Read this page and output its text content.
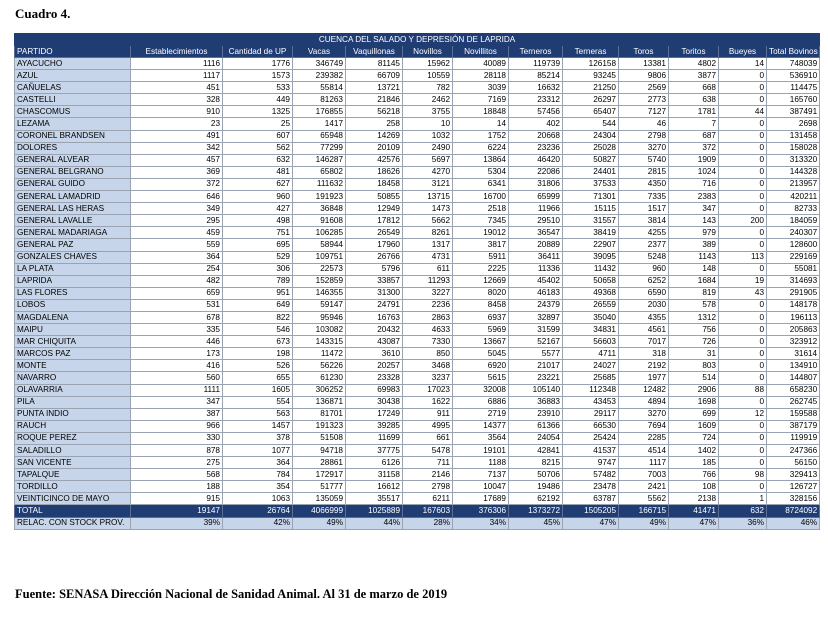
Cuadro 4.
CUENCA DEL SALADO Y DEPRESIÓN DE LAPRIDA												
PARTIDO	Establecimientos	Cantidad de UP	Vacas	Vaquillonas	Novillos	Novillitos	Terneros	Terneras	Toros	Toritos	Bueyes	Total Bovinos
AYACUCHO	1116	1776	346749	81145	15962	40089	119739	126158	13381	4802	14	748039
AZUL	1117	1573	239382	66709	10559	28118	85214	93245	9806	3877	0	536910
CAÑUELAS	451	533	55814	13721	782	3039	16632	21250	2569	668	0	114475
CASTELLI	328	449	81263	21846	2462	7169	23312	26297	2773	638	0	165760
CHASCOMUS	910	1325	176855	56218	3755	18848	57456	65407	7127	1781	44	387491
LEZAMA	23	25	1417	258	10	14	402	544	46	7	0	2698
CORONEL BRANDSEN	491	607	65948	14269	1032	1752	20668	24304	2798	687	0	131458
DOLORES	342	562	77299	20109	2490	6224	23236	25028	3270	372	0	158028
GENERAL ALVEAR	457	632	146287	42576	5697	13864	46420	50827	5740	1909	0	313320
GENERAL BELGRANO	369	481	65802	18626	4270	5304	22086	24401	2815	1024	0	144328
GENERAL GUIDO	372	627	111632	18458	3121	6341	31806	37533	4350	716	0	213957
GENERAL LAMADRID	646	960	191923	50855	13715	16700	65999	71301	7335	2383	0	420211
GENERAL LAS HERAS	349	427	36848	12949	1473	2518	11966	15115	1517	347	0	82733
GENERAL LAVALLE	295	498	91608	17812	5662	7345	29510	31557	3814	143	200	184059
GENERAL MADARIAGA	459	751	106285	26549	8261	19012	36547	38419	4255	979	0	240307
GENERAL PAZ	559	695	58944	17960	1317	3817	20889	22907	2377	389	0	128600
GONZALES CHAVES	364	529	109751	26766	4731	5911	36411	39095	5248	1143	113	229169
LA PLATA	254	306	22573	5796	611	2225	11336	11432	960	148	0	55081
LAPRIDA	482	789	152859	33857	11293	12669	45402	50658	6252	1684	19	314693
LAS FLORES	659	951	146355	31300	3227	8020	46183	49368	6590	819	43	291905
LOBOS	531	649	59147	24791	2236	8458	24379	26559	2030	578	0	148178
MAGDALENA	678	822	95946	16763	2863	6937	32897	35040	4355	1312	0	196113
MAIPU	335	546	103082	20432	4633	5969	31599	34831	4561	756	0	205863
MAR CHIQUITA	446	673	143315	43087	7330	13667	52167	56603	7017	726	0	323912
MARCOS PAZ	173	198	11472	3610	850	5045	5577	4711	318	31	0	31614
MONTE	416	526	56226	20257	3468	6920	21017	24027	2192	803	0	134910
NAVARRO	560	655	61230	23328	3237	5615	23221	25685	1977	514	0	144807
OLAVARRIA	1111	1605	306252	69983	17023	32008	105140	112348	12482	2906	88	658230
PILA	347	554	136871	30438	1622	6886	36883	43453	4894	1698	0	262745
PUNTA INDIO	387	563	81701	17249	911	2719	23910	29117	3270	699	12	159588
RAUCH	966	1457	191323	39285	4995	14377	61366	66530	7694	1609	0	387179
ROQUE PEREZ	330	378	51508	11699	661	3564	24054	25424	2285	724	0	119919
SALADILLO	878	1077	94718	37775	5478	19101	42841	41537	4514	1402	0	247366
SAN VICENTE	275	364	28861	6126	711	1188	8215	9747	1117	185	0	56150
TAPALQUE	568	784	172917	31158	2146	7137	50706	57482	7003	766	98	329413
TORDILLO	188	354	51777	16612	2798	10047	19486	23478	2421	108	0	126727
VEINTICINCO DE MAYO	915	1063	135059	35517	6211	17689	62192	63787	5562	2138	1	328156
TOTAL	19147	26764	4066999	1025889	167603	376306	1373272	1505205	166715	41471	632	8724092
RELAC. CON STOCK PROV.	39%	42%	49%	44%	28%	34%	45%	47%	49%	47%	36%	46%
Fuente: SENASA Dirección Nacional de Sanidad Animal. Al 31 de marzo de 2019
